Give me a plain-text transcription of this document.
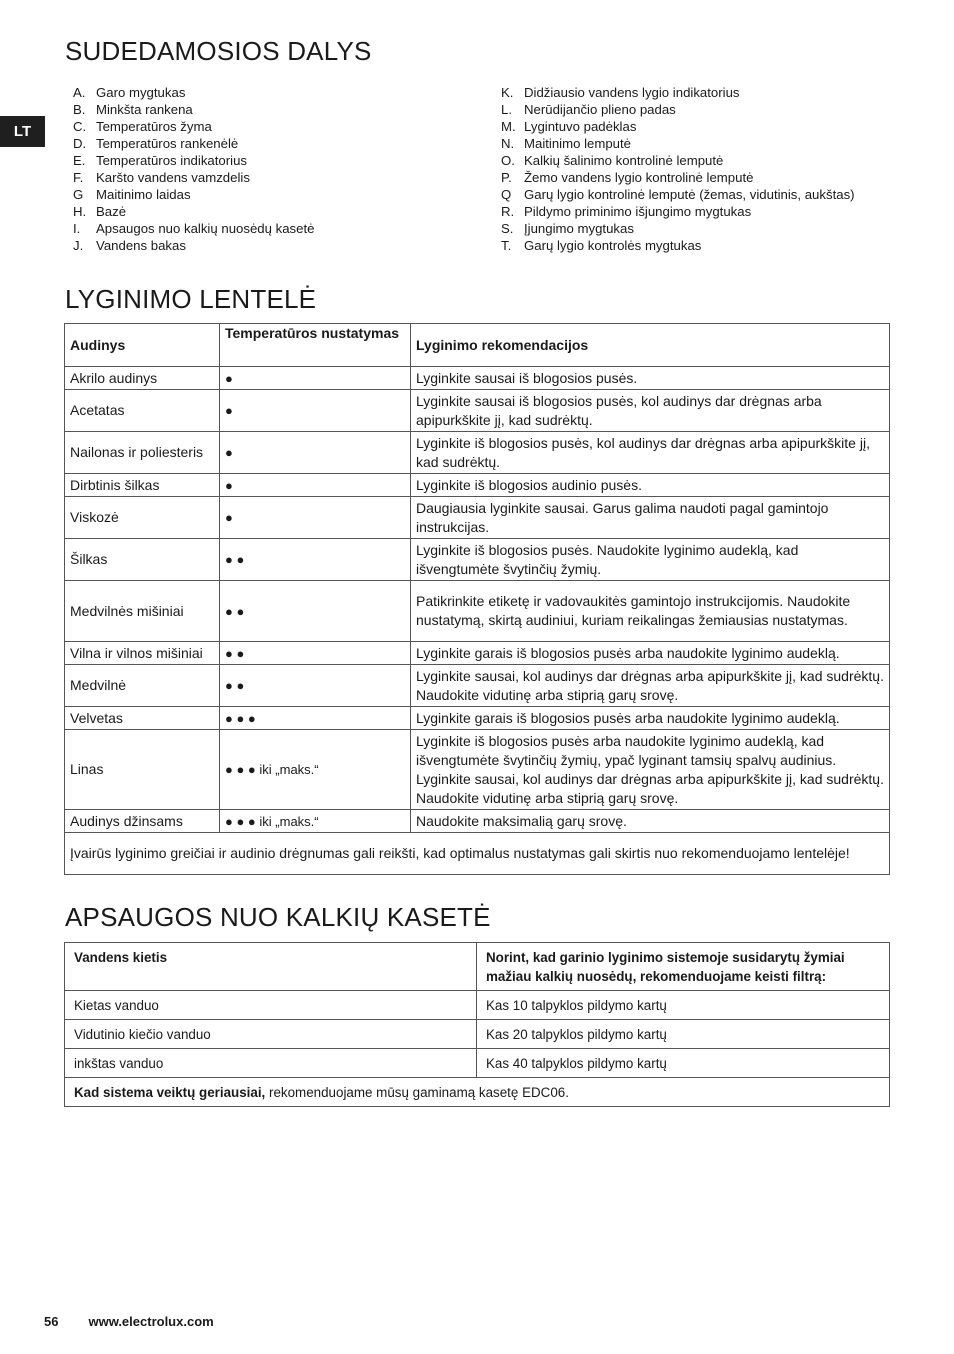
LT
SUDEDAMOSIOS DALYS
A. Garo mygtukas
B. Minkšta rankena
C. Temperatūros žyma
D. Temperatūros rankenėlė
E. Temperatūros indikatorius
F. Karšto vandens vamzdelis
G Maitinimo laidas
H. Bazė
I.	Apsaugos nuo kalkių nuosėdų kasetė
J. Vandens bakas
K. Didžiausio vandens lygio indikatorius
L. Nerūdijančio plieno padas
M. Lygintuvo padėklas
N. Maitinimo lemputė
O. Kalkių šalinimo kontrolinė lemputė
P. Žemo vandens lygio kontrolinė lemputė
Q Garų lygio kontrolinė lemputė (žemas, vidutinis, aukštas)
R. Pildymo priminimo išjungimo mygtukas
S. Įjungimo mygtukas
T. Garų lygio kontrolės mygtukas
LYGINIMO LENTELĖ
Audinys	Temperatūros nustatymas	Lyginimo rekomendacijos
Akrilo audinys	●	Lyginkite sausai iš blogosios pusės.
Acetatas	●	Lyginkite sausai iš blogosios pusės, kol audinys dar drėgnas arba apipurkškite jį, kad sudrėktų.
Nailonas ir poliesteris	●	Lyginkite iš blogosios pusės, kol audinys dar drėgnas arba apipurkškite jį, kad sudrėktų.
Dirbtinis šilkas	●	Lyginkite iš blogosios audinio pusės.
Viskozė	●	Daugiausia lyginkite sausai. Garus galima naudoti pagal gamintojo instrukcijas.
Šilkas	● ●	Lyginkite iš blogosios pusės. Naudokite lyginimo audeklą, kad išvengtumėte švytinčių žymių.
Medvilnės mišiniai	● ●	Patikrinkite etiketę ir vadovaukitės gamintojo instrukcijomis. Naudokite nustatymą, skirtą audiniui, kuriam reikalingas žemiausias nustatymas.
Vilna ir vilnos mišiniai	● ●	Lyginkite garais iš blogosios pusės arba naudokite lyginimo audeklą.
Medvilnė	● ●	Lyginkite sausai, kol audinys dar drėgnas arba apipurkškite jį, kad sudrėktų. Naudokite vidutinę arba stiprią garų srovę.
Velvetas	● ● ●	Lyginkite garais iš blogosios pusės arba naudokite lyginimo audeklą.
Linas	● ● ● iki „maks.“	Lyginkite iš blogosios pusės arba naudokite lyginimo audeklą, kad išvengtumėte švytinčių žymių, ypač lyginant tamsių spalvų audinius. Lyginkite sausai, kol audinys dar drėgnas arba apipurkškite jį, kad sudrėktų. Naudokite vidutinę arba stiprią garų srovę.
Audinys džinsams	● ● ● iki „maks.“	Naudokite maksimalią garų srovę.
Įvairūs lyginimo greičiai ir audinio drėgnumas gali reikšti, kad optimalus nustatymas gali skirtis nuo rekomenduojamo lentelėje!		
APSAUGOS NUO KALKIŲ KASETĖ
Vandens kietis	Norint, kad garinio lyginimo sistemoje susidarytų žymiai mažiau kalkių nuosėdų, rekomenduojame keisti filtrą:
Kietas vanduo	Kas 10 talpyklos pildymo kartų
Vidutinio kiečio vanduo	Kas 20 talpyklos pildymo kartų
inkštas vanduo	Kas 40 talpyklos pildymo kartų
Kad sistema veiktų geriausiai, rekomenduojame mūsų gaminamą kasetę EDC06.	
56 www.electrolux.com
